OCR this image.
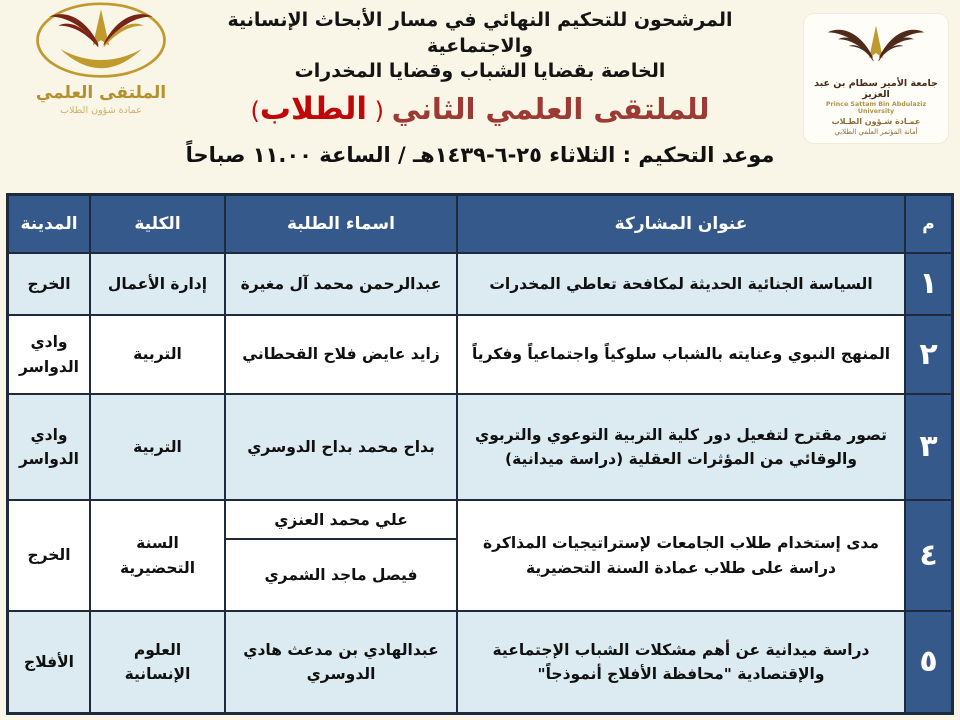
الملتقى العلمي
عمادة شؤون الطلاب
المرشحون للتحكيم النهائي في مسار الأبحاث الإنسانية والاجتماعية
الخاصة بقضايا الشباب وقضايا المخدرات
للملتقى العلمي الثاني ( الطلاب)
موعد التحكيم : الثلاثاء ٢٥-٦-١٤٣٩هـ / الساعة ١١.٠٠ صباحاً
جامعة الأمير سطام بن عبد العزيز
Prince Sattam Bin Abdulaziz University
عمـادة شـؤون الطـلاب
أمانة المؤتمر العلمي الطلابي
م
عنوان المشاركة
اسماء الطلبة
الكلية
المدينة
١
السياسة الجنائية الحديثة لمكافحة تعاطي المخدرات
عبدالرحمن محمد آل مغيرة
إدارة الأعمال
الخرج
٢
المنهج النبوي وعنايته بالشباب سلوكياً واجتماعياً وفكرياً
زايد عايض فلاح القحطاني
التربية
وادي الدواسر
٣
تصور مقترح لتفعيل دور كلية التربية التوعوي والتربوي والوقائي من المؤثرات العقلية (دراسة ميدانية)
بداح محمد بداح الدوسري
التربية
وادي الدواسر
٤
مدى إستخدام طلاب الجامعات لإستراتيجيات المذاكرة دراسة على طلاب عمادة السنة التحضيرية
علي محمد العنزي
فيصل ماجد الشمري
السنة التحضيرية
الخرج
٥
دراسة ميدانية عن أهم مشكلات الشباب الإجتماعية والإقتصادية "محافظة الأفلاج أنموذجاً"
عبدالهادي بن مدعث هادي الدوسري
العلوم الإنسانية
الأفلاج
